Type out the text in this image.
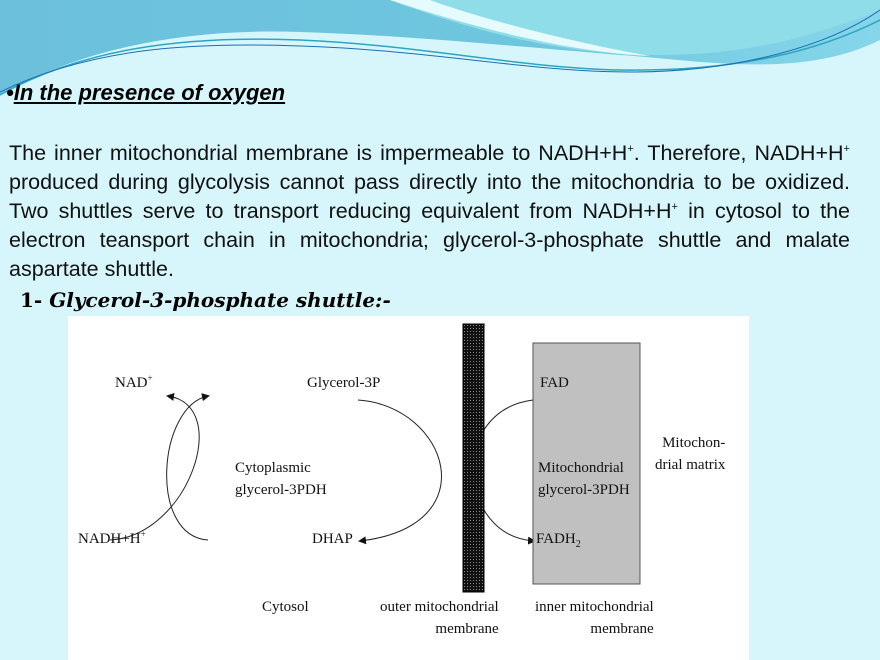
•In the presence of oxygen
The inner mitochondrial membrane is impermeable to NADH+H+. Therefore, NADH+H+ produced during glycolysis cannot pass directly into the mitochondria to be oxidized. Two shuttles serve to transport reducing equivalent from NADH+H+ in cytosol to the electron teansport chain in mitochondria; glycerol-3-phosphate shuttle and malate aspartate shuttle.
1- Glycerol-3-phosphate shuttle:-
NAD+	Glycerol-3P	FAD
Cytoplasmic
glycerol-3PDH
Mitochondrial
glycerol-3PDH
Mitochon-
drial matrix
NADH+H+	DHAP	$FADH_2$
Cytosol	outer mitochondrial
membrane
inner mitochondrial
membrane
